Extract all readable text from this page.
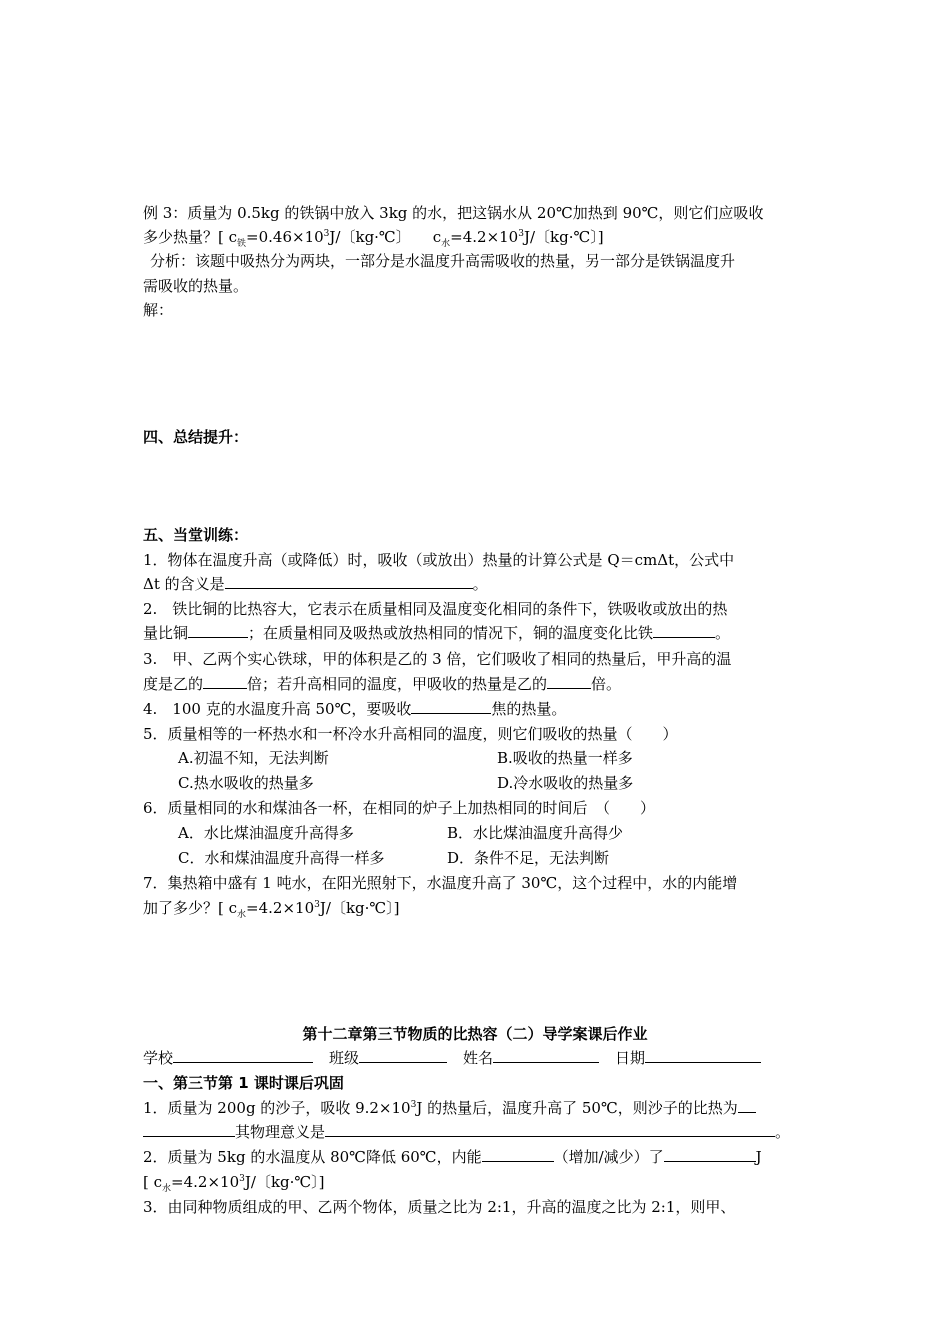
例 3：质量为 0.5kg 的铁锅中放入 3kg 的水，把这锅水从 20℃加热到 90℃，则它们应吸收
多少热量？[ $c_铁=0.46\times 10^3J/$〔kg·℃〕 $c_水=4.2\times 10^3J/$〔kg·℃〕]
分析：该题中吸热分为两块，一部分是水温度升高需吸收的热量，另一部分是铁锅温度升
需吸收的热量。
解：
四、总结提升：
五、当堂训练：
1．物体在温度升高（或降低）时，吸收（或放出）热量的计算公式是 Q＝cmΔt，公式中
Δt 的含义是	。
2.　铁比铜的比热容大，它表示在质量相同及温度变化相同的条件下，铁吸收或放出的热
量比铜	；在质量相同及吸热或放热相同的情况下，铜的温度变化比铁	。
3.　甲、乙两个实心铁球，甲的体积是乙的 3 倍，它们吸收了相同的热量后，甲升高的温
度是乙的	倍；若升高相同的温度，甲吸收的热量是乙的	倍。
4.　100 克的水温度升高 50℃，要吸收	焦的热量。
5．质量相等的一杯热水和一杯冷水升高相同的温度，则它们吸收的热量（　　）
A.初温不知，无法判断	B.吸收的热量一样多
C.热水吸收的热量多	D.冷水吸收的热量多
6．质量相同的水和煤油各一杯，在相同的炉子上加热相同的时间后　（　　）
A．水比煤油温度升高得多	B．水比煤油温度升高得少
C．水和煤油温度升高得一样多	D．条件不足，无法判断
7．集热箱中盛有 1 吨水，在阳光照射下，水温度升高了 30℃，这个过程中，水的内能增
加了多少？[ $c_水=4.2\times 10^3J/$〔kg·℃〕]
第十二章第三节物质的比热容（二）导学案课后作业
学校	班级	姓名	日期
一、第三节第 1 课时课后巩固
1．质量为 200g 的沙子，吸收 $9.2\times 10^3J$ 的热量后，温度升高了 50℃，则沙子的比热为
其物理意义是	。
2．质量为 5kg 的水温度从 80℃降低 60℃，内能	（增加/减少）了	J
[ $c_水=4.2\times 10^3J/$〔kg·℃〕]
3．由同种物质组成的甲、乙两个物体，质量之比为 2:1，升高的温度之比为 2:1，则甲、
